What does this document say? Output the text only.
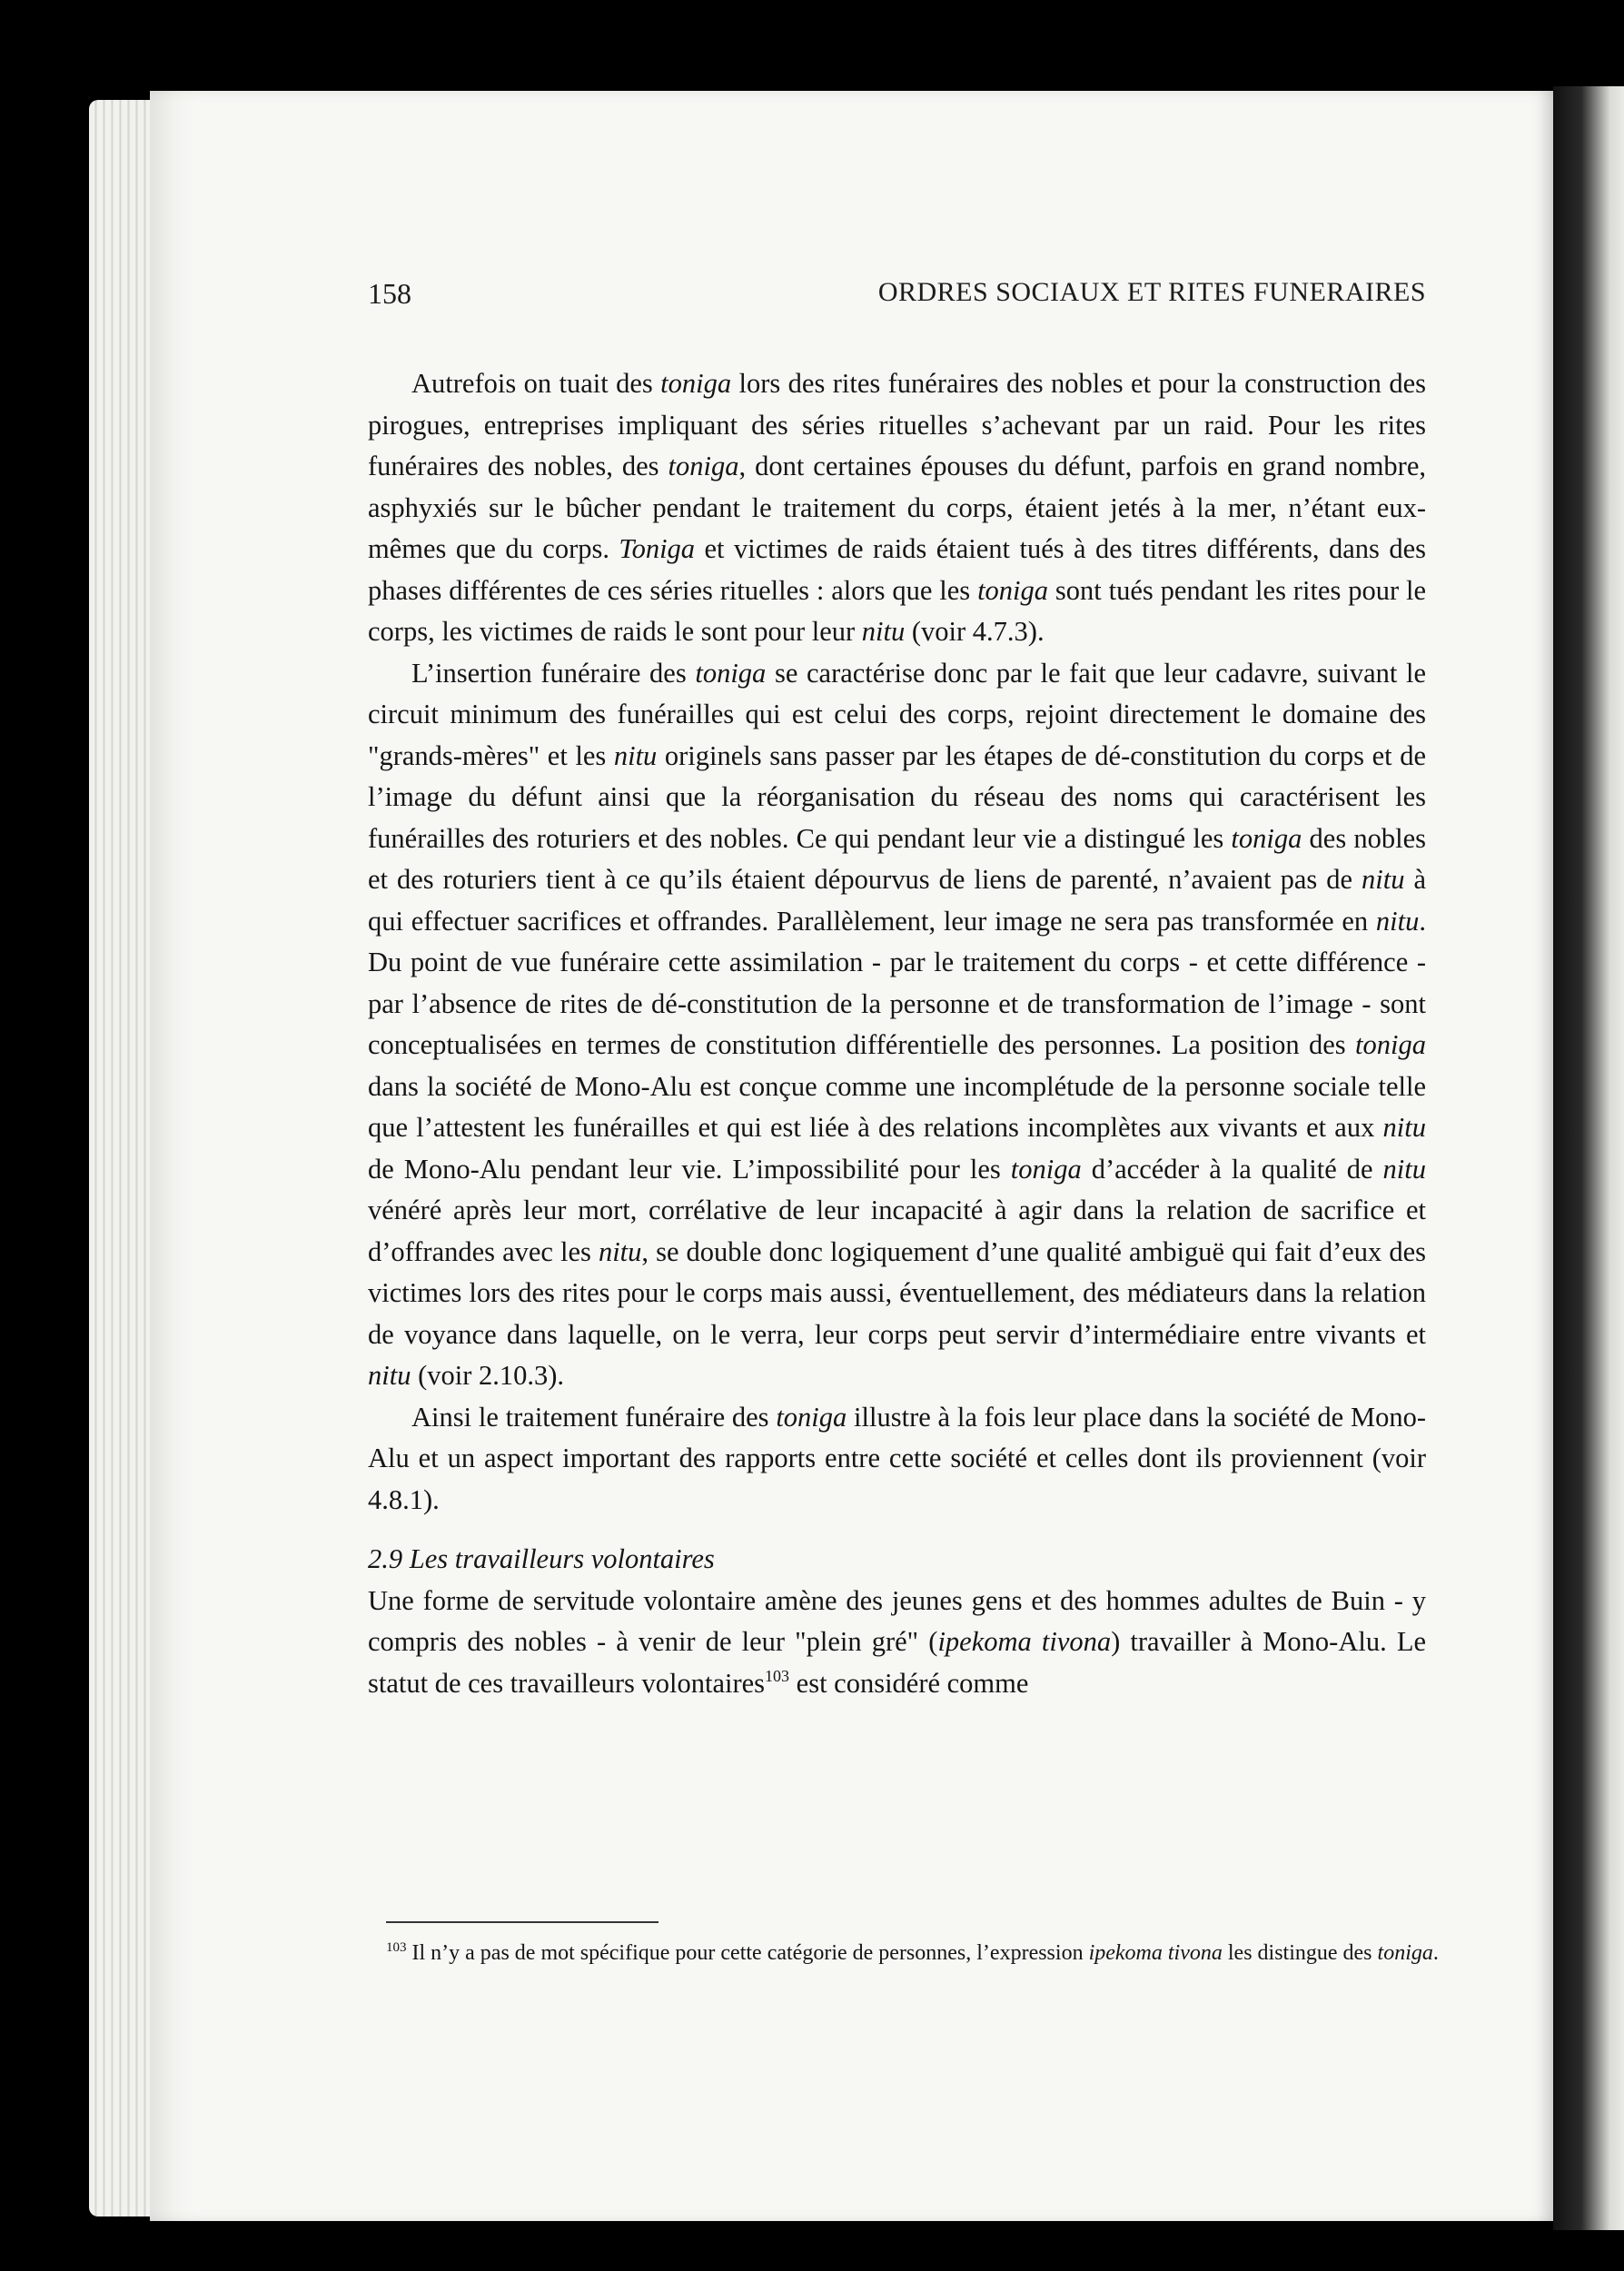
158	ORDRES SOCIAUX ET RITES FUNERAIRES

Autrefois on tuait des toniga lors des rites funéraires des nobles et pour la construction des pirogues, entreprises impliquant des séries rituelles s’achevant par un raid. Pour les rites funéraires des nobles, des toniga, dont certaines épouses du défunt, parfois en grand nombre, asphyxiés sur le bûcher pendant le traitement du corps, étaient jetés à la mer, n’étant eux-mêmes que du corps. Toniga et victimes de raids étaient tués à des titres différents, dans des phases différentes de ces séries rituelles : alors que les toniga sont tués pendant les rites pour le corps, les victimes de raids le sont pour leur nitu (voir 4.7.3).

L’insertion funéraire des toniga se caractérise donc par le fait que leur cadavre, suivant le circuit minimum des funérailles qui est celui des corps, rejoint directement le domaine des "grands-mères" et les nitu originels sans passer par les étapes de dé-constitution du corps et de l’image du défunt ainsi que la réorganisation du réseau des noms qui caractérisent les funérailles des roturiers et des nobles. Ce qui pendant leur vie a distingué les toniga des nobles et des roturiers tient à ce qu’ils étaient dépourvus de liens de parenté, n’avaient pas de nitu à qui effectuer sacrifices et offrandes. Parallèlement, leur image ne sera pas transformée en nitu. Du point de vue funéraire cette assimilation - par le traitement du corps - et cette différence - par l’absence de rites de dé-constitution de la personne et de transformation de l’image - sont conceptualisées en termes de constitution différentielle des personnes. La position des toniga dans la société de Mono-Alu est conçue comme une incomplétude de la personne sociale telle que l’attestent les funérailles et qui est liée à des relations incomplètes aux vivants et aux nitu de Mono-Alu pendant leur vie. L’impossibilité pour les toniga d’accéder à la qualité de nitu vénéré après leur mort, corrélative de leur incapacité à agir dans la relation de sacrifice et d’offrandes avec les nitu, se double donc logiquement d’une qualité ambiguë qui fait d’eux des victimes lors des rites pour le corps mais aussi, éventuellement, des médiateurs dans la relation de voyance dans laquelle, on le verra, leur corps peut servir d’intermédiaire entre vivants et nitu (voir 2.10.3).

Ainsi le traitement funéraire des toniga illustre à la fois leur place dans la société de Mono-Alu et un aspect important des rapports entre cette société et celles dont ils proviennent (voir 4.8.1).

2.9 Les travailleurs volontaires

Une forme de servitude volontaire amène des jeunes gens et des hommes adultes de Buin - y compris des nobles - à venir de leur "plein gré" (ipekoma tivona) travailler à Mono-Alu. Le statut de ces travailleurs volontaires$^{103}$ est considéré comme

$^{103}$ Il n’y a pas de mot spécifique pour cette catégorie de personnes, l’expression ipekoma tivona les distingue des toniga.
